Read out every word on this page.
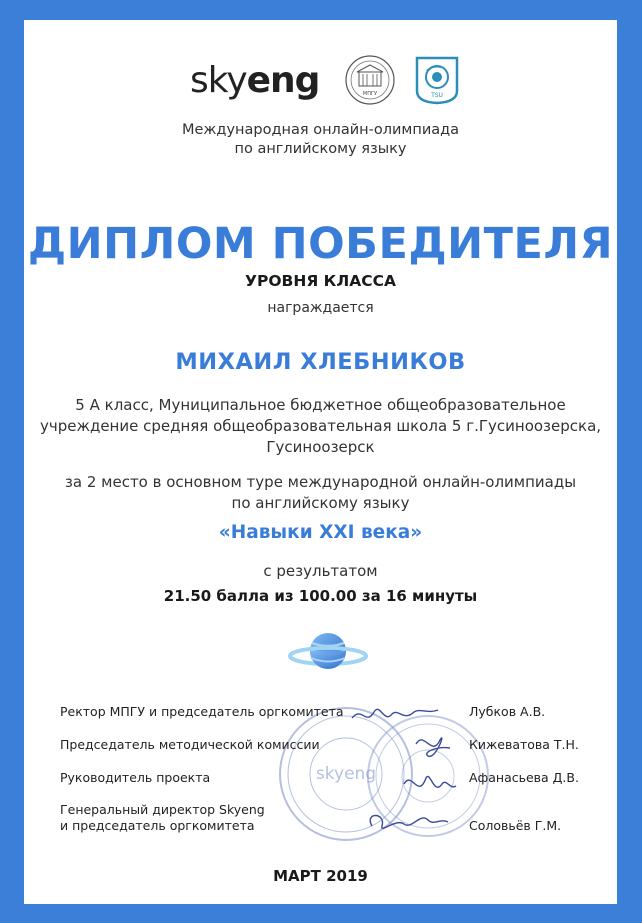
skyeng	МПГУ	TSU
Международная онлайн-олимпиада
по английскому языку
ДИПЛОМ ПОБЕДИТЕЛЯ
УРОВНЯ КЛАССА
награждается
МИХАИЛ ХЛЕБНИКОВ
5 А класс, Муниципальное бюджетное общеобразовательное
учреждение средняя общеобразовательная школа 5 г.Гусиноозерска,
Гусиноозерск
за 2 место в основном туре международной онлайн-олимпиады
по английскому языку
«Навыки XXI века»
с результатом
21.50 балла из 100.00 за 16 минуты
skyeng
Ректор МПГУ и председатель оргкомитета	Лубков А.В.
Председатель методической комиссии	Кижеватова Т.Н.
Руководитель проекта	Афанасьева Д.В.
Генеральный директор Skyeng
и председатель оргкомитета	Соловьёв Г.М.
МАРТ 2019
